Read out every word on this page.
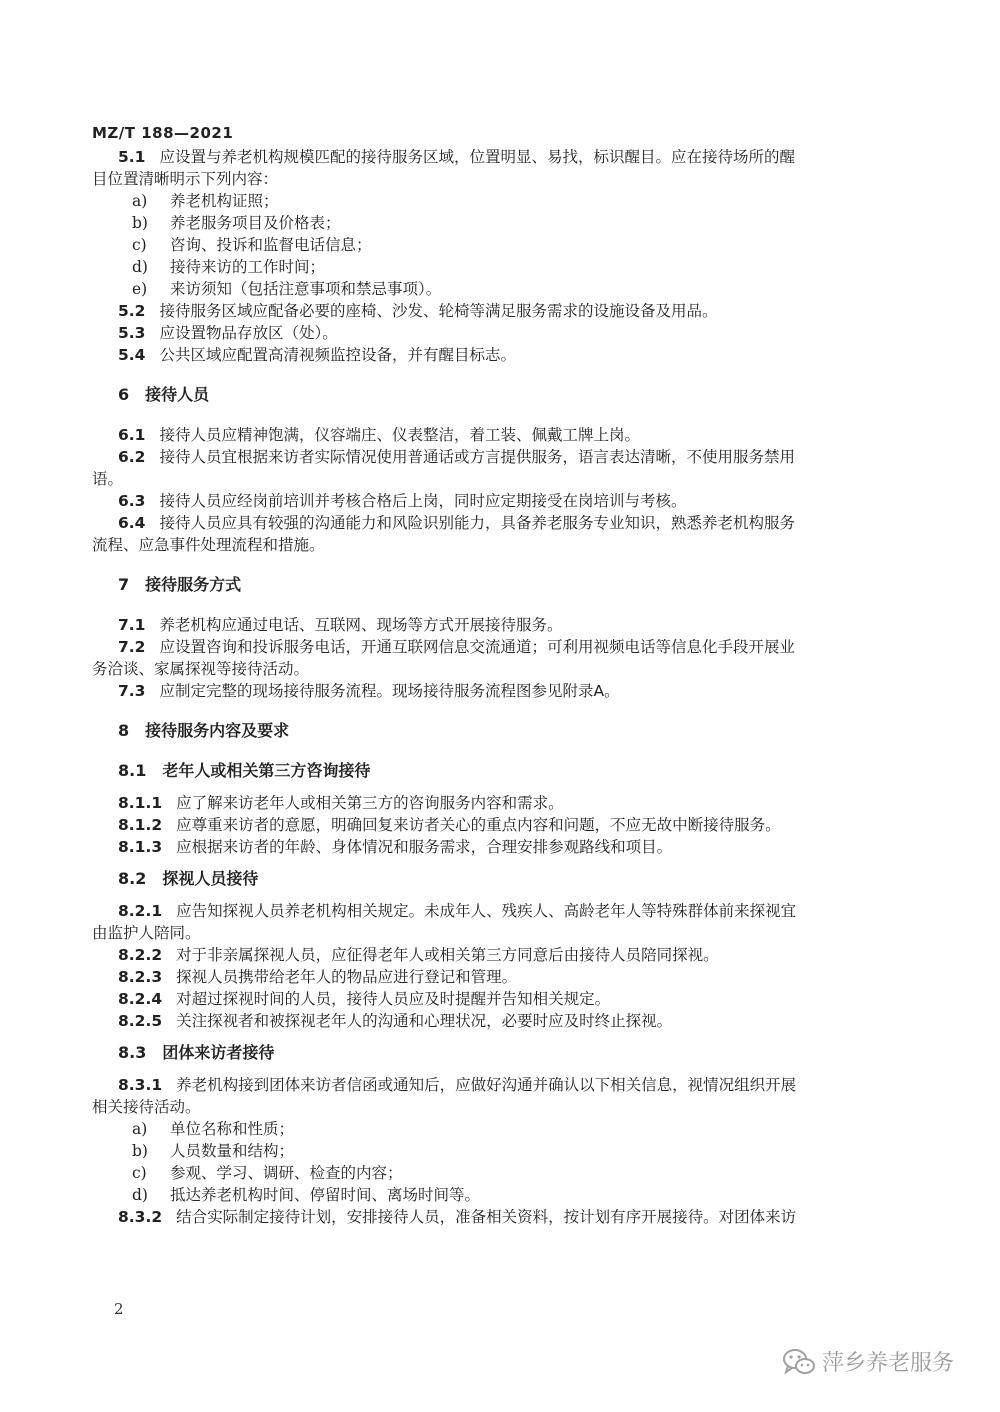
MZ/T 188—2021

5.1 应设置与养老机构规模匹配的接待服务区域，位置明显、易找，标识醒目。应在接待场所的醒

目位置清晰明示下列内容：

a) 养老机构证照；

b) 养老服务项目及价格表；

c) 咨询、投诉和监督电话信息；

d) 接待来访的工作时间；

e) 来访须知（包括注意事项和禁忌事项）。

5.2 接待服务区域应配备必要的座椅、沙发、轮椅等满足服务需求的设施设备及用品。

5.3 应设置物品存放区（处）。

5.4 公共区域应配置高清视频监控设备，并有醒目标志。

6 接待人员

6.1 接待人员应精神饱满，仪容端庄、仪表整洁，着工装、佩戴工牌上岗。

6.2 接待人员宜根据来访者实际情况使用普通话或方言提供服务，语言表达清晰，不使用服务禁用

语。

6.3 接待人员应经岗前培训并考核合格后上岗，同时应定期接受在岗培训与考核。

6.4 接待人员应具有较强的沟通能力和风险识别能力，具备养老服务专业知识，熟悉养老机构服务

流程、应急事件处理流程和措施。

7 接待服务方式

7.1 养老机构应通过电话、互联网、现场等方式开展接待服务。

7.2 应设置咨询和投诉服务电话，开通互联网信息交流通道；可利用视频电话等信息化手段开展业

务洽谈、家属探视等接待活动。

7.3 应制定完整的现场接待服务流程。现场接待服务流程图参见附录A。

8 接待服务内容及要求

8.1 老年人或相关第三方咨询接待

8.1.1 应了解来访老年人或相关第三方的咨询服务内容和需求。

8.1.2 应尊重来访者的意愿，明确回复来访者关心的重点内容和问题，不应无故中断接待服务。

8.1.3 应根据来访者的年龄、身体情况和服务需求，合理安排参观路线和项目。

8.2 探视人员接待

8.2.1 应告知探视人员养老机构相关规定。未成年人、残疾人、高龄老年人等特殊群体前来探视宜

由监护人陪同。

8.2.2 对于非亲属探视人员，应征得老年人或相关第三方同意后由接待人员陪同探视。

8.2.3 探视人员携带给老年人的物品应进行登记和管理。

8.2.4 对超过探视时间的人员，接待人员应及时提醒并告知相关规定。

8.2.5 关注探视者和被探视老年人的沟通和心理状况，必要时应及时终止探视。

8.3 团体来访者接待

8.3.1 养老机构接到团体来访者信函或通知后，应做好沟通并确认以下相关信息，视情况组织开展

相关接待活动。

a) 单位名称和性质；

b) 人员数量和结构；

c) 参观、学习、调研、检查的内容；

d) 抵达养老机构时间、停留时间、离场时间等。

8.3.2 结合实际制定接待计划，安排接待人员，准备相关资料，按计划有序开展接待。对团体来访

2
萍乡养老服务
